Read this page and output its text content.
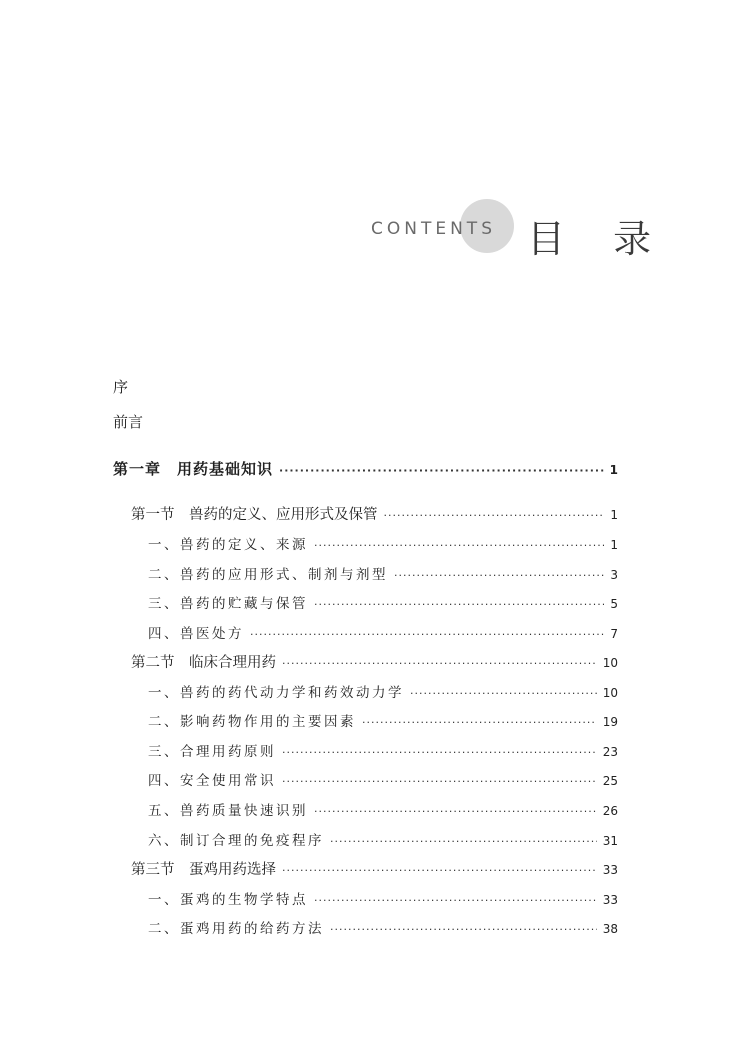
CONTENTS 目 录
序
前言
第一章　用药基础知识 ·····	1
第一节　兽药的定义、应用形式及保管 ·····	1
一、兽药的定义、来源 ·····	1
二、兽药的应用形式、制剂与剂型 ·····	3
三、兽药的贮藏与保管 ·····	5
四、兽医处方 ·····	7
第二节　临床合理用药 ·····	10
一、兽药的药代动力学和药效动力学 ·····	10
二、影响药物作用的主要因素 ·····	19
三、合理用药原则 ·····	23
四、安全使用常识 ·····	25
五、兽药质量快速识别 ·····	26
六、制订合理的免疫程序 ·····	31
第三节　蛋鸡用药选择 ·····	33
一、蛋鸡的生物学特点 ·····	33
二、蛋鸡用药的给药方法 ·····	38
